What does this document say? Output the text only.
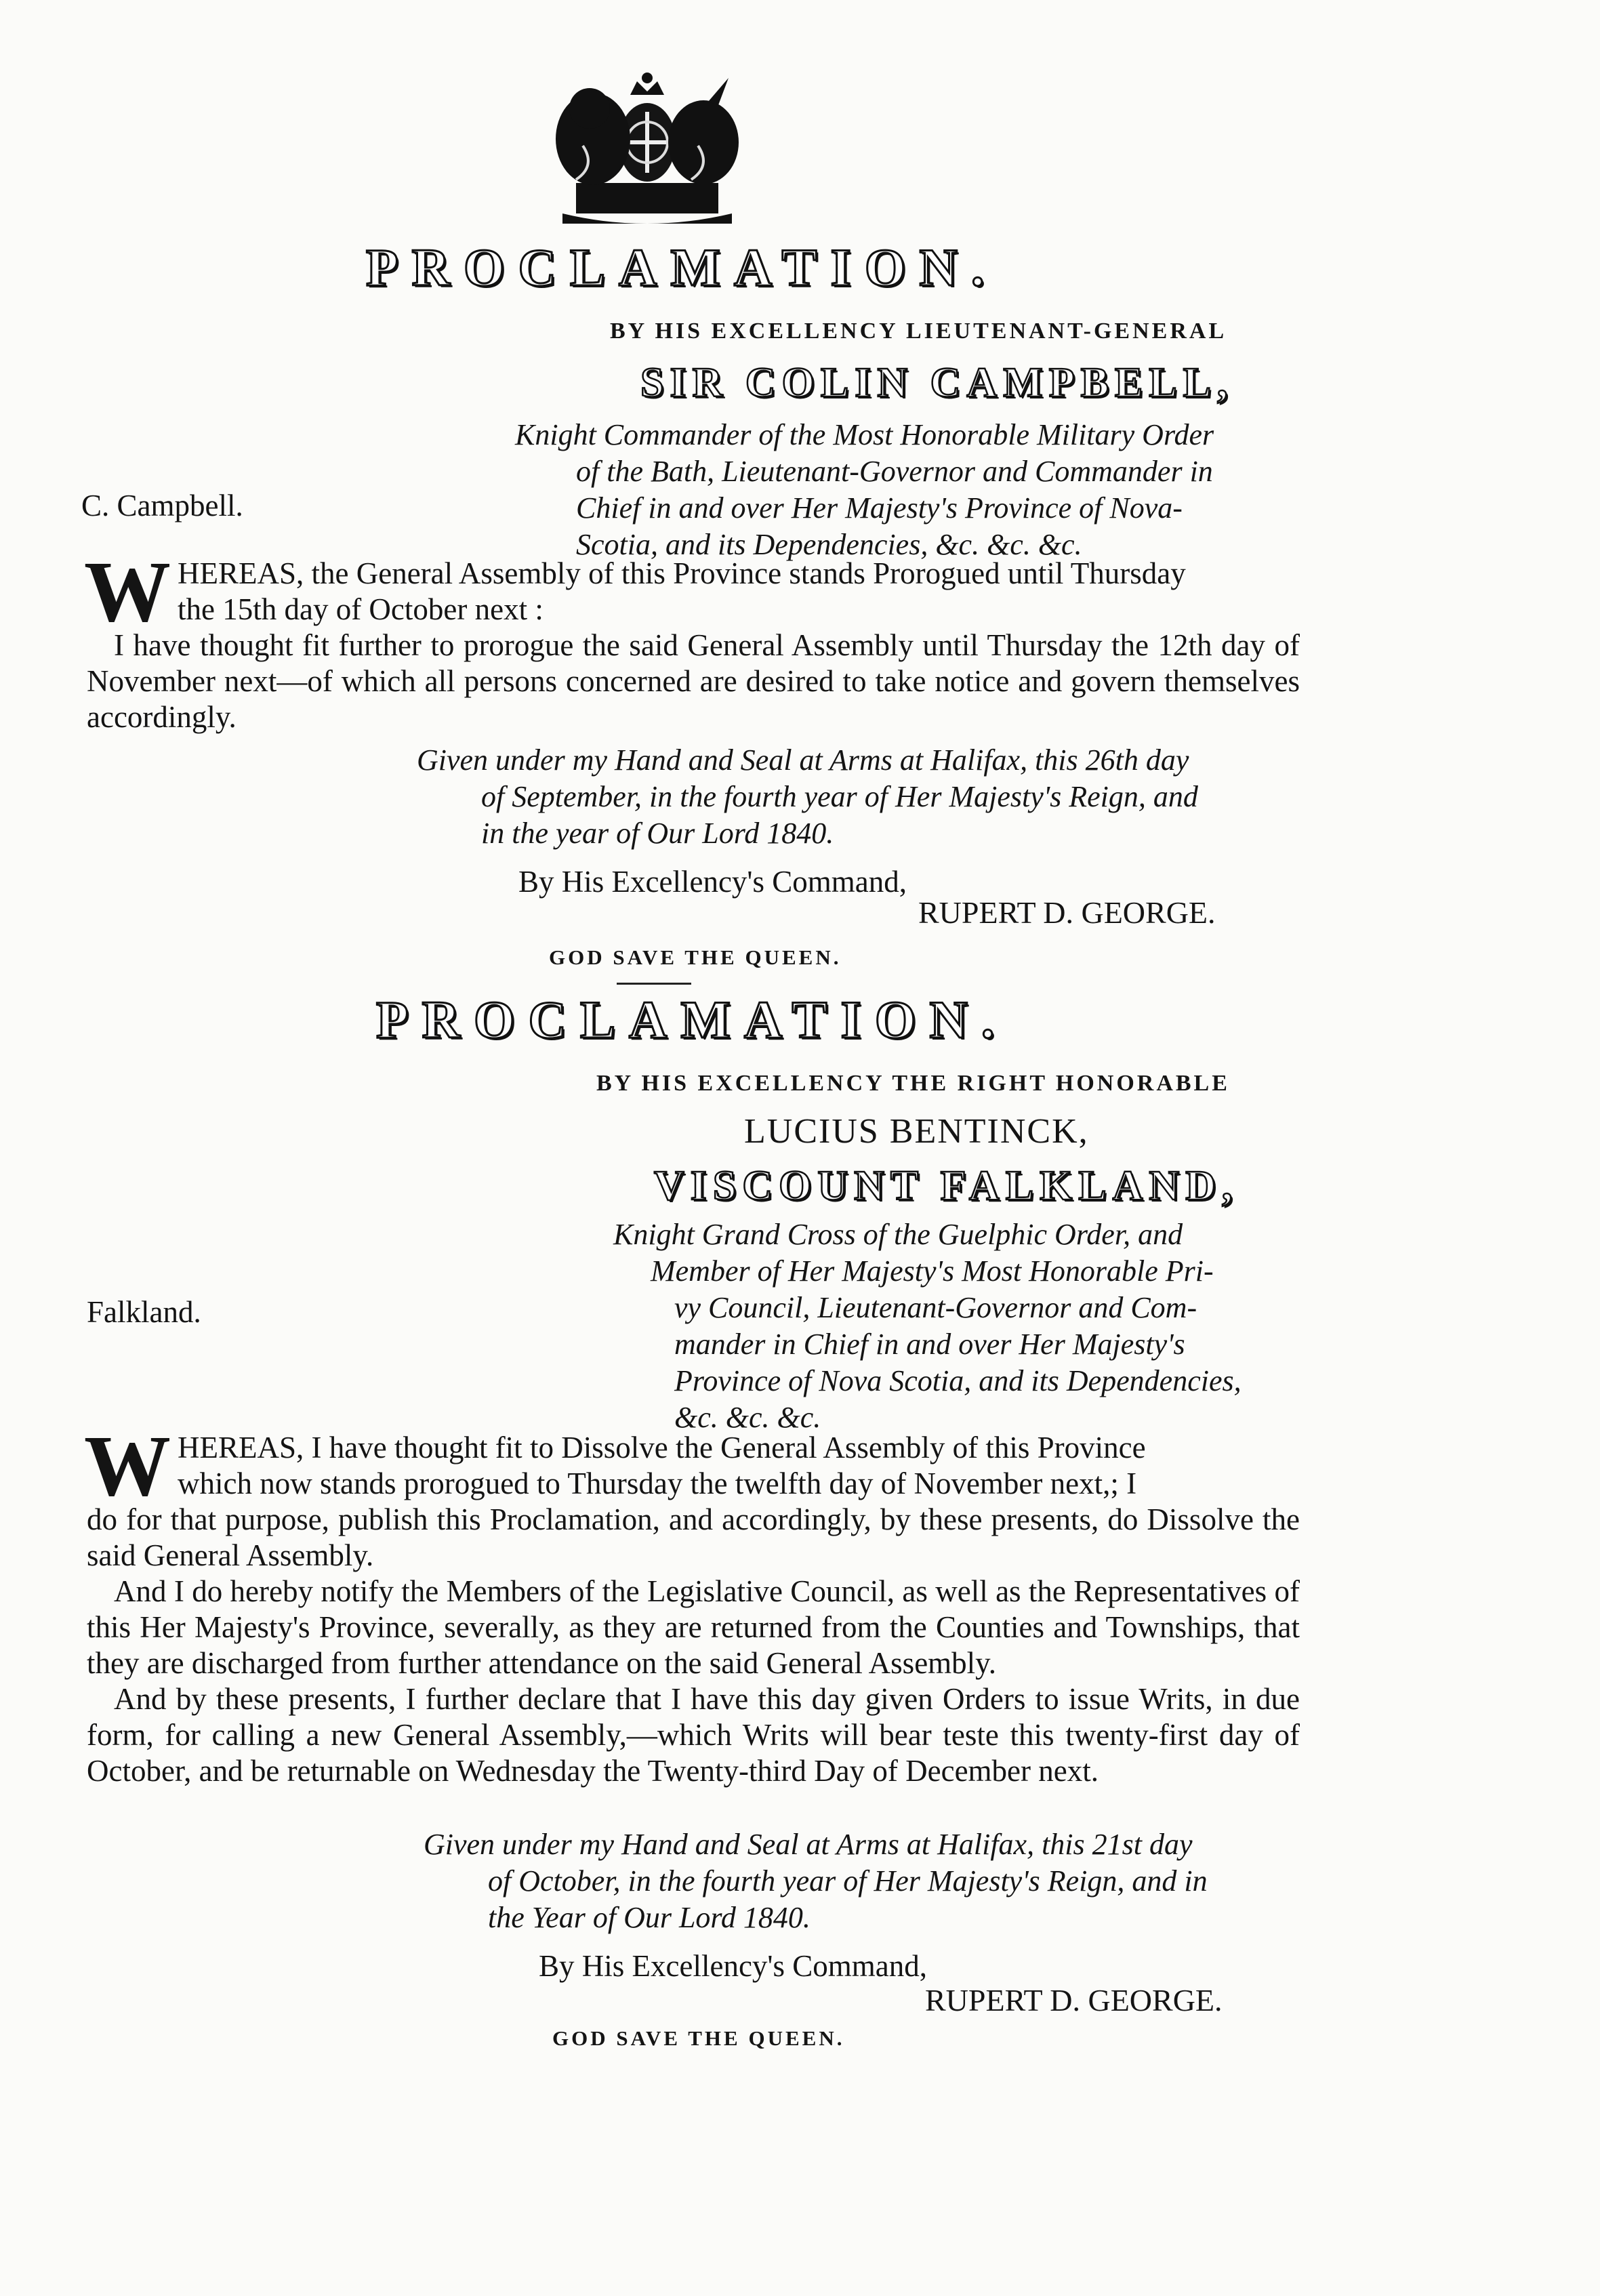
PROCLAMATION.
BY HIS EXCELLENCY LIEUTENANT-GENERAL
SIR COLIN CAMPBELL,
Knight Commander of the Most Honorable Military Order
of the Bath, Lieutenant-Governor and Commander in
Chief in and over Her Majesty's Province of Nova-
Scotia, and its Dependencies, &c. &c. &c.
C. Campbell.
W HEREAS, the General Assembly of this Province stands Prorogued until Thursday
the 15th day of October next :

I have thought fit further to prorogue the said General Assembly until Thursday the 12th day of November next—of which all persons concerned are desired to take notice and govern themselves accordingly.

Given under my Hand and Seal at Arms at Halifax, this 26th day
of September, in the fourth year of Her Majesty's Reign, and
in the year of Our Lord 1840.
By His Excellency's Command,
RUPERT D. GEORGE.
GOD SAVE THE QUEEN.
PROCLAMATION.
BY HIS EXCELLENCY THE RIGHT HONORABLE
LUCIUS BENTINCK,
VISCOUNT FALKLAND,
Knight Grand Cross of the Guelphic Order, and
Member of Her Majesty's Most Honorable Pri-
vy Council, Lieutenant-Governor and Com-
mander in Chief in and over Her Majesty's
Province of Nova Scotia, and its Dependencies,
&c. &c. &c.
Falkland.
W HEREAS, I have thought fit to Dissolve the General Assembly of this Province
which now stands prorogued to Thursday the twelfth day of November next,; I

do for that purpose, publish this Proclamation, and accordingly, by these presents, do Dissolve the said General Assembly.

And I do hereby notify the Members of the Legislative Council, as well as the Representatives of this Her Majesty's Province, severally, as they are returned from the Counties and Townships, that they are discharged from further attendance on the said General Assembly.

And by these presents, I further declare that I have this day given Orders to issue Writs, in due form, for calling a new General Assembly,—which Writs will bear teste this twenty-first day of October, and be returnable on Wednesday the Twenty-third Day of December next.

Given under my Hand and Seal at Arms at Halifax, this 21st day
of October, in the fourth year of Her Majesty's Reign, and in
the Year of Our Lord 1840.
By His Excellency's Command,
RUPERT D. GEORGE.
GOD SAVE THE QUEEN.
